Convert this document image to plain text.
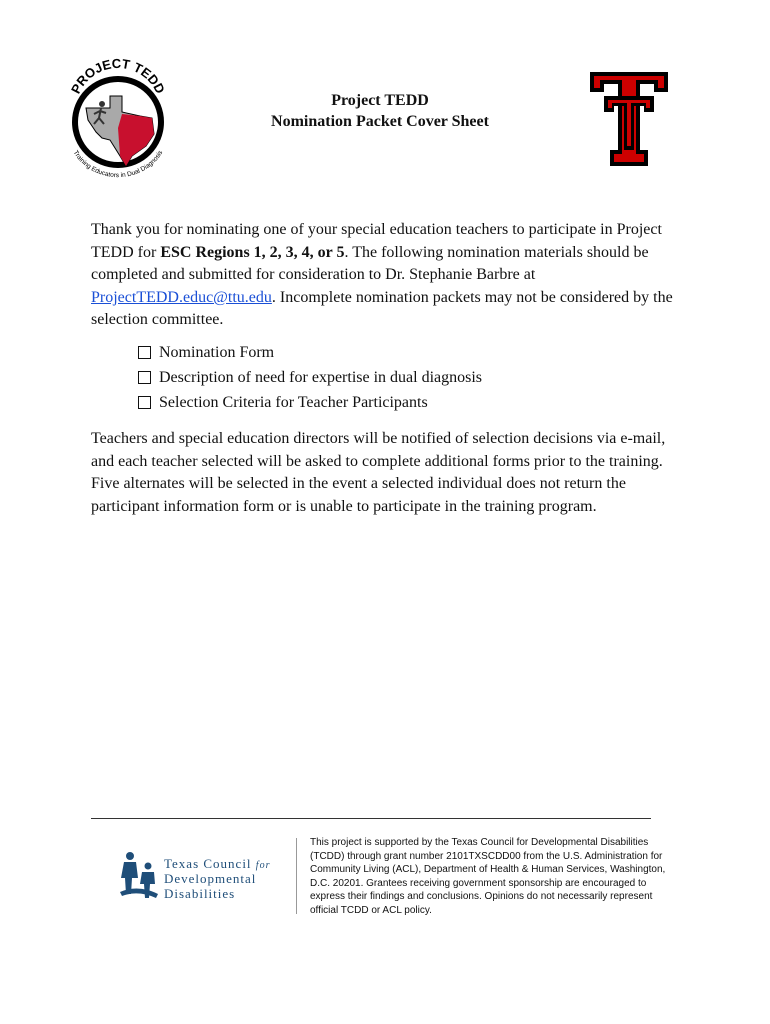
PROJECT TEDD
Training Educators in Dual Diagnosis
Project TEDD
Nomination Packet Cover Sheet
Thank you for nominating one of your special education teachers to participate in Project TEDD for ESC Regions 1, 2, 3, 4, or 5. The following nomination materials should be completed and submitted for consideration to Dr. Stephanie Barbre at ProjectTEDD.educ@ttu.edu. Incomplete nomination packets may not be considered by the selection committee.
Nomination Form
Description of need for expertise in dual diagnosis
Selection Criteria for Teacher Participants
Teachers and special education directors will be notified of selection decisions via e-mail, and each teacher selected will be asked to complete additional forms prior to the training. Five alternates will be selected in the event a selected individual does not return the participant information form or is unable to participate in the training program.
Texas Council for
Developmental
Disabilities
This project is supported by the Texas Council for Developmental Disabilities (TCDD) through grant number 2101TXSCDD00 from the U.S. Administration for Community Living (ACL), Department of Health & Human Services, Washington, D.C. 20201. Grantees receiving government sponsorship are encouraged to express their findings and conclusions. Opinions do not necessarily represent official TCDD or ACL policy.
